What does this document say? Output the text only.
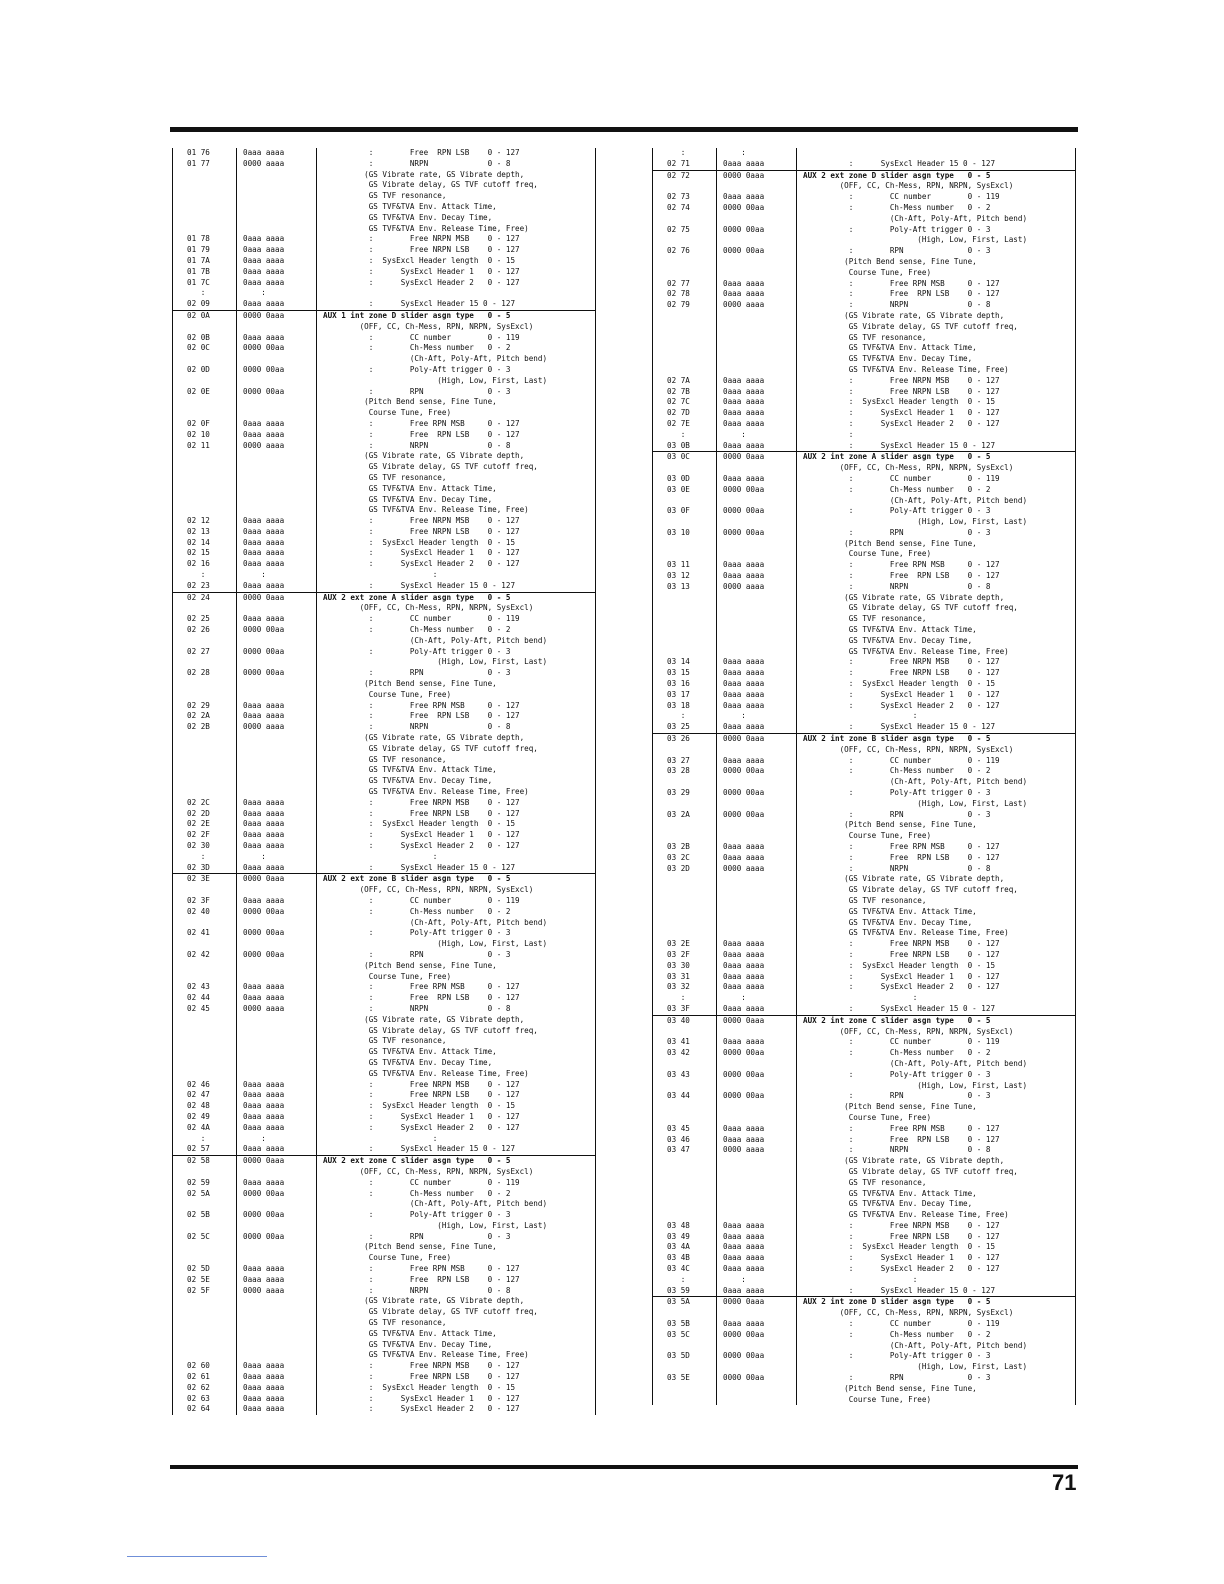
01 76	0aaa aaaa	:        Free  RPN LSB    0 - 127
01 77	0000 aaaa	:        NRPN             0 - 8
(GS Vibrate rate, GS Vibrate depth,
GS Vibrate delay, GS TVF cutoff freq,
GS TVF resonance,
GS TVF&TVA Env. Attack Time,
GS TVF&TVA Env. Decay Time,
GS TVF&TVA Env. Release Time, Free)
01 78	0aaa aaaa	:        Free NRPN MSB    0 - 127
01 79	0aaa aaaa	:        Free NRPN LSB    0 - 127
01 7A	0aaa aaaa	:  SysExcl Header length  0 - 15
01 7B	0aaa aaaa	:      SysExcl Header 1   0 - 127
01 7C	0aaa aaaa	:      SysExcl Header 2   0 - 127
:	:
02 09	0aaa aaaa	:      SysExcl Header 15 0 - 127
02 0A	0000 0aaa	AUX 1 int zone D slider asgn type   0 - 5
(OFF, CC, Ch-Mess, RPN, NRPN, SysExcl)
02 0B	0aaa aaaa	:        CC number        0 - 119
02 0C	0000 00aa	:        Ch-Mess number   0 - 2
(Ch-Aft, Poly-Aft, Pitch bend)
02 0D	0000 00aa	:        Poly-Aft trigger 0 - 3
(High, Low, First, Last)
02 0E	0000 00aa	:        RPN              0 - 3
(Pitch Bend sense, Fine Tune,
Course Tune, Free)
02 0F	0aaa aaaa	:        Free RPN MSB     0 - 127
02 10	0aaa aaaa	:        Free  RPN LSB    0 - 127
02 11	0000 aaaa	:        NRPN             0 - 8
(GS Vibrate rate, GS Vibrate depth,
GS Vibrate delay, GS TVF cutoff freq,
GS TVF resonance,
GS TVF&TVA Env. Attack Time,
GS TVF&TVA Env. Decay Time,
GS TVF&TVA Env. Release Time, Free)
02 12	0aaa aaaa	:        Free NRPN MSB    0 - 127
02 13	0aaa aaaa	:        Free NRPN LSB    0 - 127
02 14	0aaa aaaa	:  SysExcl Header length  0 - 15
02 15	0aaa aaaa	:      SysExcl Header 1   0 - 127
02 16	0aaa aaaa	:      SysExcl Header 2   0 - 127
:	:	:
02 23	0aaa aaaa	:      SysExcl Header 15 0 - 127
02 24	0000 0aaa	AUX 2 ext zone A slider asgn type   0 - 5
(OFF, CC, Ch-Mess, RPN, NRPN, SysExcl)
02 25	0aaa aaaa	:        CC number        0 - 119
02 26	0000 00aa	:        Ch-Mess number   0 - 2
(Ch-Aft, Poly-Aft, Pitch bend)
02 27	0000 00aa	:        Poly-Aft trigger 0 - 3
(High, Low, First, Last)
02 28	0000 00aa	:        RPN              0 - 3
(Pitch Bend sense, Fine Tune,
Course Tune, Free)
02 29	0aaa aaaa	:        Free RPN MSB     0 - 127
02 2A	0aaa aaaa	:        Free  RPN LSB    0 - 127
02 2B	0000 aaaa	:        NRPN             0 - 8
(GS Vibrate rate, GS Vibrate depth,
GS Vibrate delay, GS TVF cutoff freq,
GS TVF resonance,
GS TVF&TVA Env. Attack Time,
GS TVF&TVA Env. Decay Time,
GS TVF&TVA Env. Release Time, Free)
02 2C	0aaa aaaa	:        Free NRPN MSB    0 - 127
02 2D	0aaa aaaa	:        Free NRPN LSB    0 - 127
02 2E	0aaa aaaa	:  SysExcl Header length  0 - 15
02 2F	0aaa aaaa	:      SysExcl Header 1   0 - 127
02 30	0aaa aaaa	:      SysExcl Header 2   0 - 127
:	:	:
02 3D	0aaa aaaa	:      SysExcl Header 15 0 - 127
02 3E	0000 0aaa	AUX 2 ext zone B slider asgn type   0 - 5
(OFF, CC, Ch-Mess, RPN, NRPN, SysExcl)
02 3F	0aaa aaaa	:        CC number        0 - 119
02 40	0000 00aa	:        Ch-Mess number   0 - 2
(Ch-Aft, Poly-Aft, Pitch bend)
02 41	0000 00aa	:        Poly-Aft trigger 0 - 3
(High, Low, First, Last)
02 42	0000 00aa	:        RPN              0 - 3
(Pitch Bend sense, Fine Tune,
Course Tune, Free)
02 43	0aaa aaaa	:        Free RPN MSB     0 - 127
02 44	0aaa aaaa	:        Free  RPN LSB    0 - 127
02 45	0000 aaaa	:        NRPN             0 - 8
(GS Vibrate rate, GS Vibrate depth,
GS Vibrate delay, GS TVF cutoff freq,
GS TVF resonance,
GS TVF&TVA Env. Attack Time,
GS TVF&TVA Env. Decay Time,
GS TVF&TVA Env. Release Time, Free)
02 46	0aaa aaaa	:        Free NRPN MSB    0 - 127
02 47	0aaa aaaa	:        Free NRPN LSB    0 - 127
02 48	0aaa aaaa	:  SysExcl Header length  0 - 15
02 49	0aaa aaaa	:      SysExcl Header 1   0 - 127
02 4A	0aaa aaaa	:      SysExcl Header 2   0 - 127
:	:	:
02 57	0aaa aaaa	:      SysExcl Header 15 0 - 127
02 58	0000 0aaa	AUX 2 ext zone C slider asgn type   0 - 5
(OFF, CC, Ch-Mess, RPN, NRPN, SysExcl)
02 59	0aaa aaaa	:        CC number        0 - 119
02 5A	0000 00aa	:        Ch-Mess number   0 - 2
(Ch-Aft, Poly-Aft, Pitch bend)
02 5B	0000 00aa	:        Poly-Aft trigger 0 - 3
(High, Low, First, Last)
02 5C	0000 00aa	:        RPN              0 - 3
(Pitch Bend sense, Fine Tune,
Course Tune, Free)
02 5D	0aaa aaaa	:        Free RPN MSB     0 - 127
02 5E	0aaa aaaa	:        Free  RPN LSB    0 - 127
02 5F	0000 aaaa	:        NRPN             0 - 8
(GS Vibrate rate, GS Vibrate depth,
GS Vibrate delay, GS TVF cutoff freq,
GS TVF resonance,
GS TVF&TVA Env. Attack Time,
GS TVF&TVA Env. Decay Time,
GS TVF&TVA Env. Release Time, Free)
02 60	0aaa aaaa	:        Free NRPN MSB    0 - 127
02 61	0aaa aaaa	:        Free NRPN LSB    0 - 127
02 62	0aaa aaaa	:  SysExcl Header length  0 - 15
02 63	0aaa aaaa	:      SysExcl Header 1   0 - 127
02 64	0aaa aaaa	:      SysExcl Header 2   0 - 127
:	:
02 71	0aaa aaaa	:      SysExcl Header 15 0 - 127
02 72	0000 0aaa	AUX 2 ext zone D slider asgn type   0 - 5
(OFF, CC, Ch-Mess, RPN, NRPN, SysExcl)
02 73	0aaa aaaa	:        CC number        0 - 119
02 74	0000 00aa	:        Ch-Mess number   0 - 2
(Ch-Aft, Poly-Aft, Pitch bend)
02 75	0000 00aa	:        Poly-Aft trigger 0 - 3
(High, Low, First, Last)
02 76	0000 00aa	:        RPN              0 - 3
(Pitch Bend sense, Fine Tune,
Course Tune, Free)
02 77	0aaa aaaa	:        Free RPN MSB     0 - 127
02 78	0aaa aaaa	:        Free  RPN LSB    0 - 127
02 79	0000 aaaa	:        NRPN             0 - 8
(GS Vibrate rate, GS Vibrate depth,
GS Vibrate delay, GS TVF cutoff freq,
GS TVF resonance,
GS TVF&TVA Env. Attack Time,
GS TVF&TVA Env. Decay Time,
GS TVF&TVA Env. Release Time, Free)
02 7A	0aaa aaaa	:        Free NRPN MSB    0 - 127
02 7B	0aaa aaaa	:        Free NRPN LSB    0 - 127
02 7C	0aaa aaaa	:  SysExcl Header length  0 - 15
02 7D	0aaa aaaa	:      SysExcl Header 1   0 - 127
02 7E	0aaa aaaa	:      SysExcl Header 2   0 - 127
:	:	:
03 0B	0aaa aaaa	:      SysExcl Header 15 0 - 127
03 0C	0000 0aaa	AUX 2 int zone A slider asgn type   0 - 5
(OFF, CC, Ch-Mess, RPN, NRPN, SysExcl)
03 0D	0aaa aaaa	:        CC number        0 - 119
03 0E	0000 00aa	:        Ch-Mess number   0 - 2
(Ch-Aft, Poly-Aft, Pitch bend)
03 0F	0000 00aa	:        Poly-Aft trigger 0 - 3
(High, Low, First, Last)
03 10	0000 00aa	:        RPN              0 - 3
(Pitch Bend sense, Fine Tune,
Course Tune, Free)
03 11	0aaa aaaa	:        Free RPN MSB     0 - 127
03 12	0aaa aaaa	:        Free  RPN LSB    0 - 127
03 13	0000 aaaa	:        NRPN             0 - 8
(GS Vibrate rate, GS Vibrate depth,
GS Vibrate delay, GS TVF cutoff freq,
GS TVF resonance,
GS TVF&TVA Env. Attack Time,
GS TVF&TVA Env. Decay Time,
GS TVF&TVA Env. Release Time, Free)
03 14	0aaa aaaa	:        Free NRPN MSB    0 - 127
03 15	0aaa aaaa	:        Free NRPN LSB    0 - 127
03 16	0aaa aaaa	:  SysExcl Header length  0 - 15
03 17	0aaa aaaa	:      SysExcl Header 1   0 - 127
03 18	0aaa aaaa	:      SysExcl Header 2   0 - 127
:	:	:
03 25	0aaa aaaa	:      SysExcl Header 15 0 - 127
03 26	0000 0aaa	AUX 2 int zone B slider asgn type   0 - 5
(OFF, CC, Ch-Mess, RPN, NRPN, SysExcl)
03 27	0aaa aaaa	:        CC number        0 - 119
03 28	0000 00aa	:        Ch-Mess number   0 - 2
(Ch-Aft, Poly-Aft, Pitch bend)
03 29	0000 00aa	:        Poly-Aft trigger 0 - 3
(High, Low, First, Last)
03 2A	0000 00aa	:        RPN              0 - 3
(Pitch Bend sense, Fine Tune,
Course Tune, Free)
03 2B	0aaa aaaa	:        Free RPN MSB     0 - 127
03 2C	0aaa aaaa	:        Free  RPN LSB    0 - 127
03 2D	0000 aaaa	:        NRPN             0 - 8
(GS Vibrate rate, GS Vibrate depth,
GS Vibrate delay, GS TVF cutoff freq,
GS TVF resonance,
GS TVF&TVA Env. Attack Time,
GS TVF&TVA Env. Decay Time,
GS TVF&TVA Env. Release Time, Free)
03 2E	0aaa aaaa	:        Free NRPN MSB    0 - 127
03 2F	0aaa aaaa	:        Free NRPN LSB    0 - 127
03 30	0aaa aaaa	:  SysExcl Header length  0 - 15
03 31	0aaa aaaa	:      SysExcl Header 1   0 - 127
03 32	0aaa aaaa	:      SysExcl Header 2   0 - 127
:	:	:
03 3F	0aaa aaaa	:      SysExcl Header 15 0 - 127
03 40	0000 0aaa	AUX 2 int zone C slider asgn type   0 - 5
(OFF, CC, Ch-Mess, RPN, NRPN, SysExcl)
03 41	0aaa aaaa	:        CC number        0 - 119
03 42	0000 00aa	:        Ch-Mess number   0 - 2
(Ch-Aft, Poly-Aft, Pitch bend)
03 43	0000 00aa	:        Poly-Aft trigger 0 - 3
(High, Low, First, Last)
03 44	0000 00aa	:        RPN              0 - 3
(Pitch Bend sense, Fine Tune,
Course Tune, Free)
03 45	0aaa aaaa	:        Free RPN MSB     0 - 127
03 46	0aaa aaaa	:        Free  RPN LSB    0 - 127
03 47	0000 aaaa	:        NRPN             0 - 8
(GS Vibrate rate, GS Vibrate depth,
GS Vibrate delay, GS TVF cutoff freq,
GS TVF resonance,
GS TVF&TVA Env. Attack Time,
GS TVF&TVA Env. Decay Time,
GS TVF&TVA Env. Release Time, Free)
03 48	0aaa aaaa	:        Free NRPN MSB    0 - 127
03 49	0aaa aaaa	:        Free NRPN LSB    0 - 127
03 4A	0aaa aaaa	:  SysExcl Header length  0 - 15
03 4B	0aaa aaaa	:      SysExcl Header 1   0 - 127
03 4C	0aaa aaaa	:      SysExcl Header 2   0 - 127
:	:	:
03 59	0aaa aaaa	:      SysExcl Header 15 0 - 127
03 5A	0000 0aaa	AUX 2 int zone D slider asgn type   0 - 5
(OFF, CC, Ch-Mess, RPN, NRPN, SysExcl)
03 5B	0aaa aaaa	:        CC number        0 - 119
03 5C	0000 00aa	:        Ch-Mess number   0 - 2
(Ch-Aft, Poly-Aft, Pitch bend)
03 5D	0000 00aa	:        Poly-Aft trigger 0 - 3
(High, Low, First, Last)
03 5E	0000 00aa	:        RPN              0 - 3
(Pitch Bend sense, Fine Tune,
Course Tune, Free)
71
